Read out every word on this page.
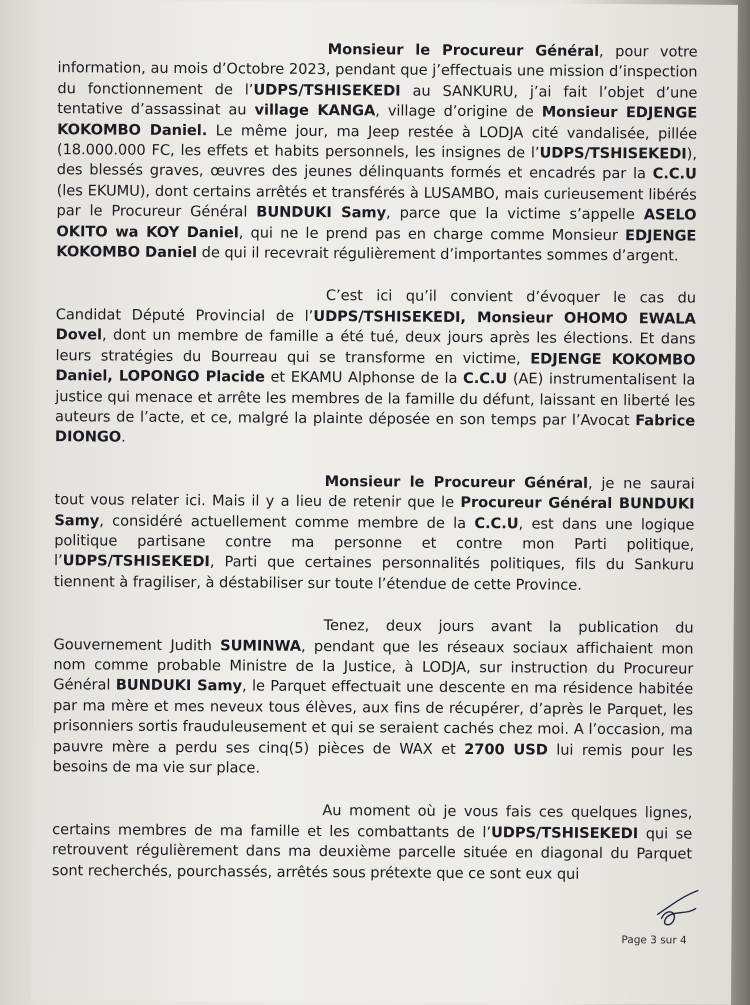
Monsieur le Procureur Général, pour votre information, au mois d’Octobre 2023, pendant que j’effectuais une mission d’inspection du fonctionnement de l’UDPS/TSHISEKEDI au SANKURU, j’ai fait l’objet d’une tentative d’assassinat au village KANGA, village d’origine de Monsieur EDJENGE KOKOMBO Daniel. Le même jour, ma Jeep restée à LODJA cité vandalisée, pillée (18.000.000 FC, les effets et habits personnels, les insignes de l’UDPS/TSHISEKEDI), des blessés graves, œuvres des jeunes délinquants formés et encadrés par la C.C.U (les EKUMU), dont certains arrêtés et transférés à LUSAMBO, mais curieusement libérés par le Procureur Général BUNDUKI Samy, parce que la victime s’appelle ASELO OKITO wa KOY Daniel, qui ne le prend pas en charge comme Monsieur EDJENGE KOKOMBO Daniel de qui il recevrait régulièrement d’importantes sommes d’argent.

C’est ici qu’il convient d’évoquer le cas du Candidat Député Provincial de l’UDPS/TSHISEKEDI, Monsieur OHOMO EWALA Dovel, dont un membre de famille a été tué, deux jours après les élections. Et dans leurs stratégies du Bourreau qui se transforme en victime, EDJENGE KOKOMBO Daniel, LOPONGO Placide et EKAMU Alphonse de la C.C.U (AE) instrumentalisent la justice qui menace et arrête les membres de la famille du défunt, laissant en liberté les auteurs de l’acte, et ce, malgré la plainte déposée en son temps par l’Avocat Fabrice DIONGO.

Monsieur le Procureur Général, je ne saurai tout vous relater ici. Mais il y a lieu de retenir que le Procureur Général BUNDUKI Samy, considéré actuellement comme membre de la C.C.U, est dans une logique politique partisane contre ma personne et contre mon Parti politique, l’UDPS/TSHISEKEDI, Parti que certaines personnalités politiques, fils du Sankuru tiennent à fragiliser, à déstabiliser sur toute l’étendue de cette Province.

Tenez, deux jours avant la publication du Gouvernement Judith SUMINWA, pendant que les réseaux sociaux affichaient mon nom comme probable Ministre de la Justice, à LODJA, sur instruction du Procureur Général BUNDUKI Samy, le Parquet effectuait une descente en ma résidence habitée par ma mère et mes neveux tous élèves, aux fins de récupérer, d’après le Parquet, les prisonniers sortis frauduleusement et qui se seraient cachés chez moi. A l’occasion, ma pauvre mère a perdu ses cinq(5) pièces de WAX et 2700 USD lui remis pour les besoins de ma vie sur place.

Au moment où je vous fais ces quelques lignes, certains membres de ma famille et les combattants de l’UDPS/TSHISEKEDI qui se retrouvent régulièrement dans ma deuxième parcelle située en diagonal du Parquet sont recherchés, pourchassés, arrêtés sous prétexte que ce sont eux qui

Page 3 sur 4
